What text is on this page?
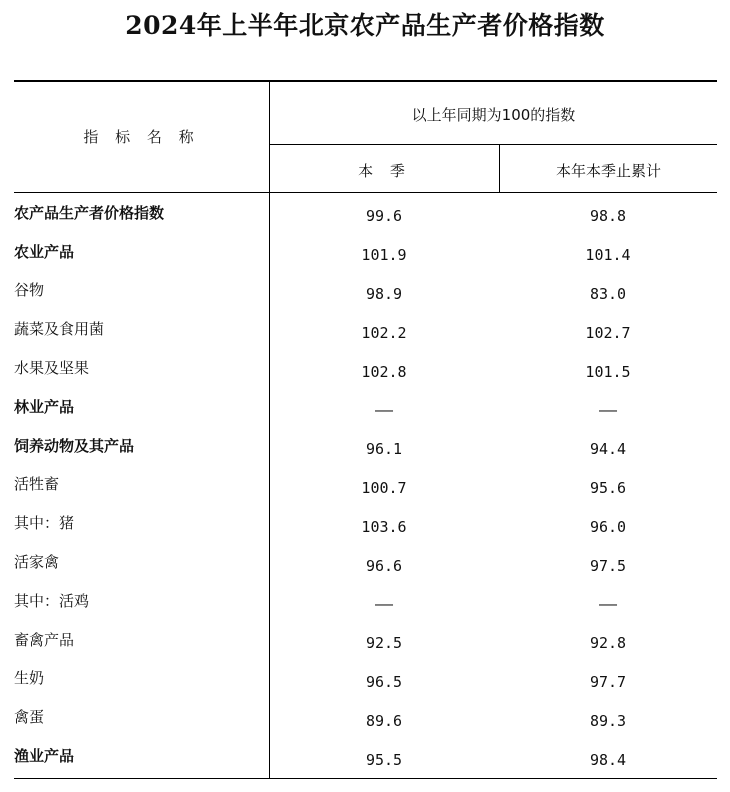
2024年上半年北京农产品生产者价格指数
指 标 名 称
以上年同期为100的指数
本 季	本年本季止累计
农产品生产者价格指数	99.6	98.8
农业产品	101.9	101.4
谷物	98.9	83.0
蔬菜及食用菌	102.2	102.7
水果及坚果	102.8	101.5
林业产品	——	——
饲养动物及其产品	96.1	94.4
活牲畜	100.7	95.6
其中：猪	103.6	96.0
活家禽	96.6	97.5
其中：活鸡	——	——
畜禽产品	92.5	92.8
生奶	96.5	97.7
禽蛋	89.6	89.3
渔业产品	95.5	98.4
